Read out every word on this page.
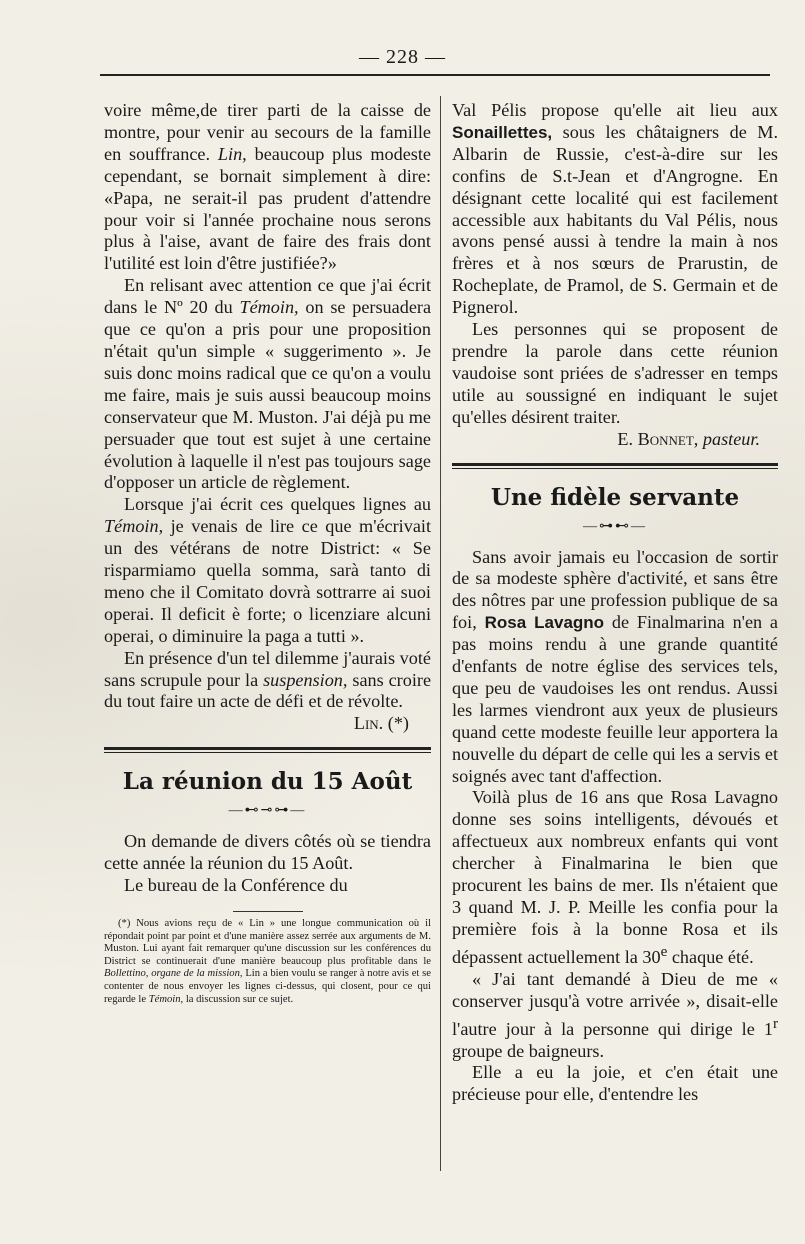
— 228 —

voire même,de tirer parti de la caisse de montre, pour venir au secours de la famille en souffrance. Lin, beaucoup plus modeste cependant, se bornait simplement à dire: «Papa, ne serait-il pas prudent d'attendre pour voir si l'année prochaine nous serons plus à l'aise, avant de faire des frais dont l'utilité est loin d'être justifiée?»

En relisant avec attention ce que j'ai écrit dans le Nº 20 du Témoin, on se persuadera que ce qu'on a pris pour une proposition n'était qu'un simple « suggerimento ». Je suis donc moins radical que ce qu'on a voulu me faire, mais je suis aussi beaucoup moins conservateur que M. Muston. J'ai déjà pu me persuader que tout est sujet à une certaine évolution à laquelle il n'est pas toujours sage d'opposer un article de règlement.

Lorsque j'ai écrit ces quelques lignes au Témoin, je venais de lire ce que m'écrivait un des vétérans de notre District: « Se risparmiamo quella somma, sarà tanto di meno che il Comitato dovrà sottrarre ai suoi operai. Il deficit è forte; o licenziare alcuni operai, o diminuire la paga a tutti ».

En présence d'un tel dilemme j'aurais voté sans scrupule pour la suspension, sans croire du tout faire un acte de défi et de révolte.

Lin. (*)

La réunion du 15 Août
—⊷⊸⊶—

On demande de divers côtés où se tiendra cette année la réunion du 15 Août.

Le bureau de la Conférence du

(*) Nous avions reçu de « Lin » une longue communication où il répondait point par point et d'une manière assez serrée aux arguments de M. Muston. Lui ayant fait remarquer qu'une discussion sur les conférences du District se continuerait d'une manière beaucoup plus profitable dans le Bollettino, organe de la mission, Lin a bien voulu se ranger à notre avis et se contenter de nous envoyer les lignes ci-dessus, qui closent, pour ce qui regarde le Témoin, la discussion sur ce sujet.

Val Pélis propose qu'elle ait lieu aux Sonaillettes, sous les châtaigners de M. Albarin de Russie, c'est-à-dire sur les confins de S.t-Jean et d'Angrogne. En désignant cette localité qui est facilement accessible aux habitants du Val Pélis, nous avons pensé aussi à tendre la main à nos frères et à nos sœurs de Prarustin, de Rocheplate, de Pramol, de S. Germain et de Pignerol.

Les personnes qui se proposent de prendre la parole dans cette réunion vaudoise sont priées de s'adresser en temps utile au soussigné en indiquant le sujet qu'elles désirent traiter.

E. Bonnet, pasteur.

Une fidèle servante
—⊶⊷—

Sans avoir jamais eu l'occasion de sortir de sa modeste sphère d'activité, et sans être des nôtres par une profession publique de sa foi, Rosa Lavagno de Finalmarina n'en a pas moins rendu à une grande quantité d'enfants de notre église des services tels, que peu de vaudoises les ont rendus. Aussi les larmes viendront aux yeux de plusieurs quand cette modeste feuille leur apportera la nouvelle du départ de celle qui les a servis et soignés avec tant d'affection.

Voilà plus de 16 ans que Rosa Lavagno donne ses soins intelligents, dévoués et affectueux aux nombreux enfants qui vont chercher à Finalmarina le bien que procurent les bains de mer. Ils n'étaient que 3 quand M. J. P. Meille les confia pour la première fois à la bonne Rosa et ils dépassent actuellement la 30e chaque été.

« J'ai tant demandé à Dieu de me « conserver jusqu'à votre arrivée », disait-elle l'autre jour à la personne qui dirige le 1$^r$ groupe de baigneurs.

Elle a eu la joie, et c'en était une précieuse pour elle, d'entendre les
